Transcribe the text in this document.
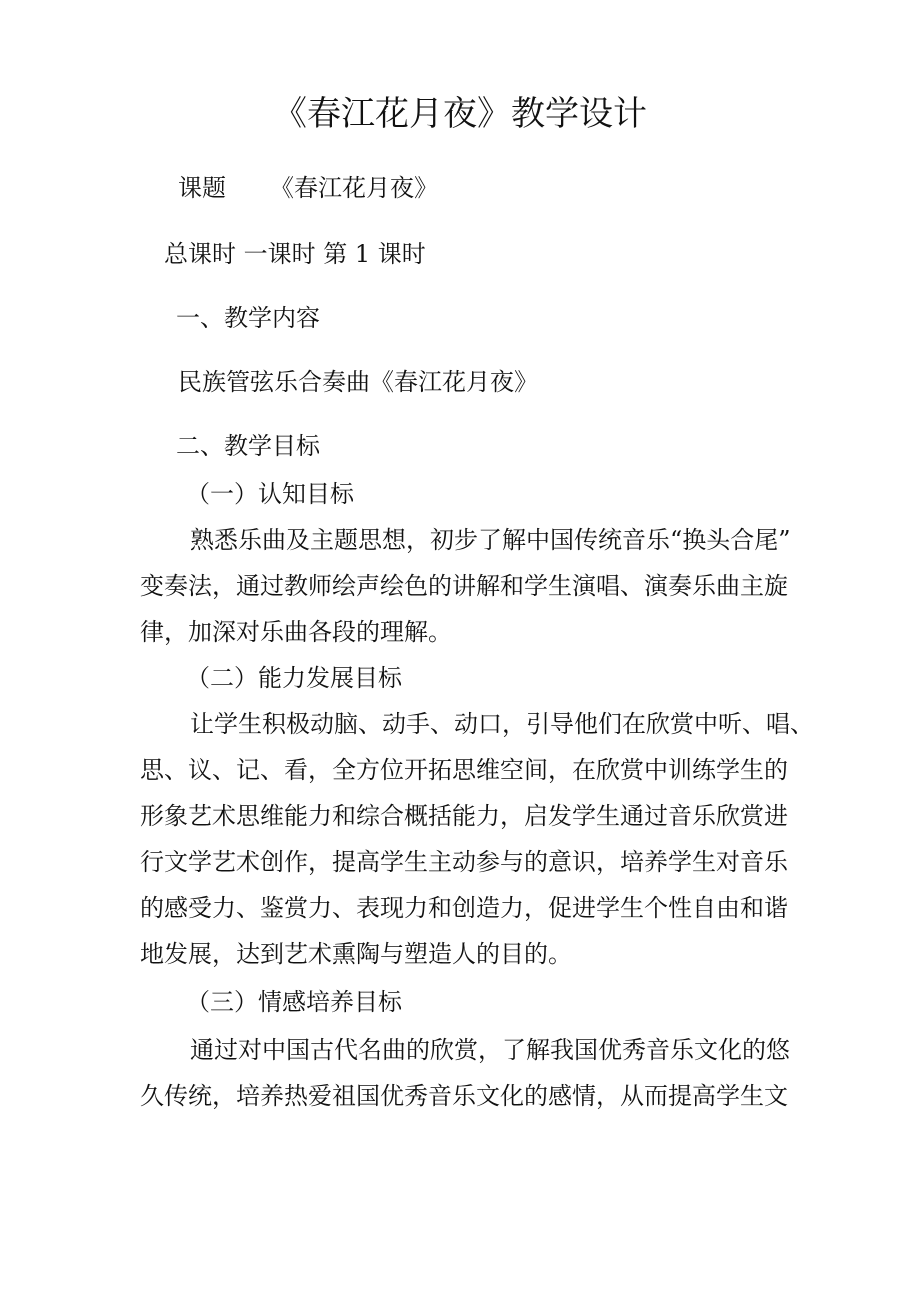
《春江花月夜》教学设计
课题 《春江花月夜》
总课时 一课时 第 1 课时
一、教学内容
民族管弦乐合奏曲《春江花月夜》
二、教学目标
（一）认知目标
熟悉乐曲及主题思想，初步了解中国传统音乐“换头合尾”
变奏法，通过教师绘声绘色的讲解和学生演唱、演奏乐曲主旋
律，加深对乐曲各段的理解。
（二）能力发展目标
让学生积极动脑、动手、动口，引导他们在欣赏中听、唱、
思、议、记、看，全方位开拓思维空间，在欣赏中训练学生的
形象艺术思维能力和综合概括能力，启发学生通过音乐欣赏进
行文学艺术创作，提高学生主动参与的意识，培养学生对音乐
的感受力、鉴赏力、表现力和创造力，促进学生个性自由和谐
地发展，达到艺术熏陶与塑造人的目的。
（三）情感培养目标
通过对中国古代名曲的欣赏，了解我国优秀音乐文化的悠
久传统，培养热爱祖国优秀音乐文化的感情，从而提高学生文
